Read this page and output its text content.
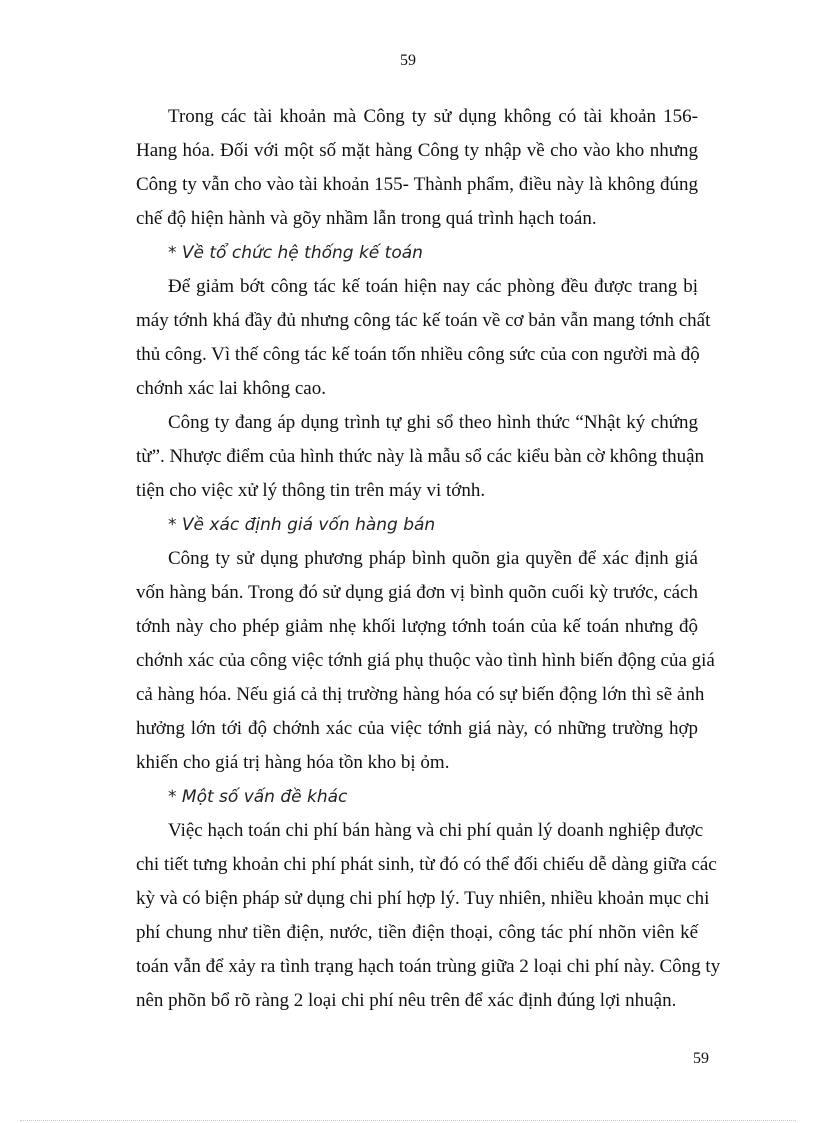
59

Trong các tài khoản mà Công ty sử dụng không có tài khoản 156-
Hang hóa. Đối với một số mặt hàng Công ty nhập về cho vào kho nhưng
Công ty vẫn cho vào tài khoản 155- Thành phẩm, điều này là không đúng
chế độ hiện hành và gõy nhầm lẫn trong quá trình hạch toán.

* Về tổ chức hệ thống kế toán

Để giảm bớt công tác kế toán hiện nay các phòng đều được trang bị
máy tớnh khá đầy đủ nhưng công tác kế toán về cơ bản vẫn mang tớnh chất
thủ công. Vì thế công tác kế toán tốn nhiều công sức của con người mà độ
chớnh xác lai không cao.

Công ty đang áp dụng trình tự ghi sổ theo hình thức “Nhật ký chứng
từ”. Nhược điểm của hình thức này là mẫu sổ các kiểu bàn cờ không thuận
tiện cho việc xử lý thông tin trên máy vi tớnh.

* Về xác định giá vốn hàng bán

Công ty sử dụng phương pháp bình quõn gia quyền để xác định giá
vốn hàng bán. Trong đó sử dụng giá đơn vị bình quõn cuối kỳ trước, cách
tớnh này cho phép giảm nhẹ khối lượng tớnh toán của kế toán nhưng độ
chớnh xác của công việc tớnh giá phụ thuộc vào tình hình biến động của giá
cả hàng hóa. Nếu giá cả thị trường hàng hóa có sự biến động lớn thì sẽ ảnh
hưởng lớn tới độ chớnh xác của việc tớnh giá này, có những trường hợp
khiến cho giá trị hàng hóa tồn kho bị ỏm.

* Một số vấn đề khác

Việc hạch toán chi phí bán hàng và chi phí quản lý doanh nghiệp được
chi tiết tưng khoản chi phí phát sinh, từ đó có thể đối chiếu dễ dàng giữa các
kỳ và có biện pháp sử dụng chi phí hợp lý. Tuy nhiên, nhiều khoản mục chi
phí chung như tiền điện, nước, tiền điện thoại, công tác phí nhõn viên kế
toán vẫn để xảy ra tình trạng hạch toán trùng giữa 2 loại chi phí này. Công ty
nên phõn bổ rõ ràng 2 loại chi phí nêu trên để xác định đúng lợi nhuận.

59
